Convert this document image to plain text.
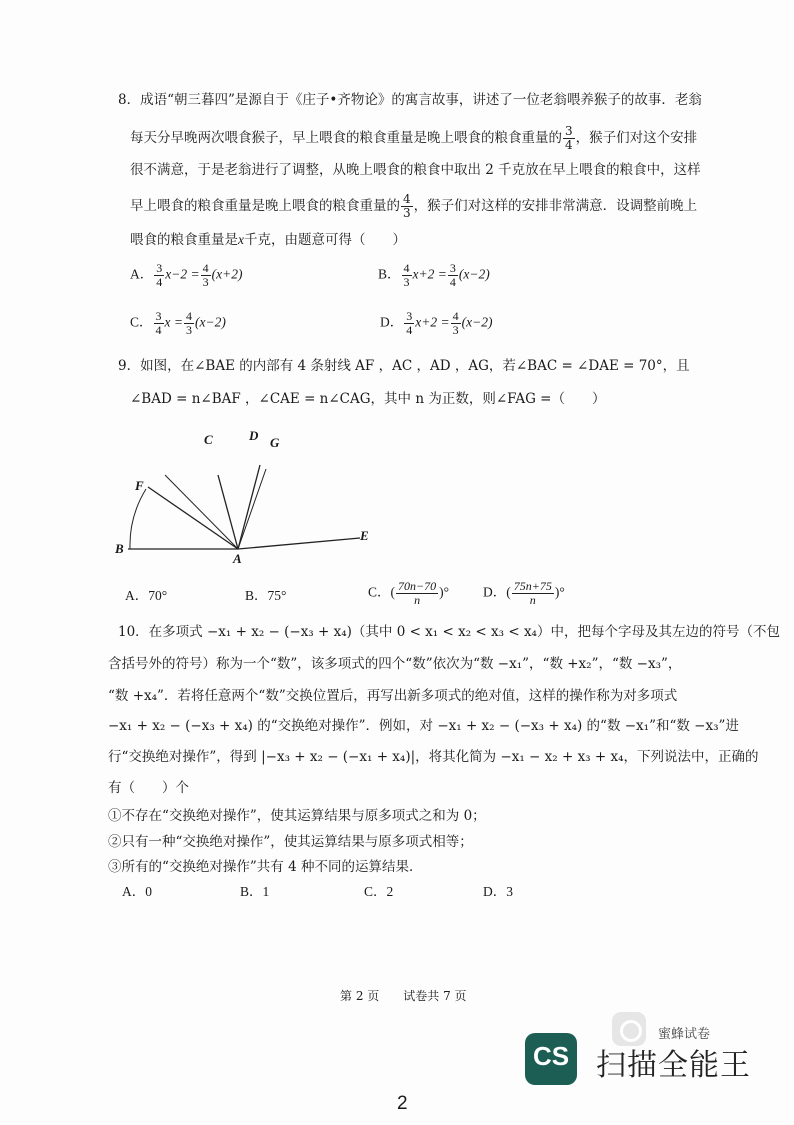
8．成语“朝三暮四”是源自于《庄子•齐物论》的寓言故事，讲述了一位老翁喂养猴子的故事．老翁
每天分早晚两次喂食猴子，早上喂食的粮食重量是晚上喂食的粮食重量的 $\frac{3}{4}$ ，猴子们对这个安排
很不满意，于是老翁进行了调整，从晚上喂食的粮食中取出 2 千克放在早上喂食的粮食中，这样
早上喂食的粮食重量是晚上喂食的粮食重量的 $\frac{4}{3}$ ，猴子们对这样的安排非常满意．设调整前晚上
喂食的粮食重量是x千克，由题意可得（　　）
A． $\frac{3}{4} x-2 = \frac{4}{3} (x+2)$	B． $\frac{4}{3} x+2 = \frac{3}{4} (x-2)$
C． $\frac{3}{4}$ $x = \frac{4}{3} (x-2)$	D． $\frac{3}{4} x+2 = \frac{4}{3} (x-2)$
9．如图，在∠BAE 的内部有 4 条射线 AF ，AC ，AD ，AG，若∠BAC = ∠DAE = 70°，且
∠BAD = n∠BAF ，∠CAE = n∠CAG，其中 n 为正数，则∠FAG =（　　）
C	D G
F
B
A
E
A．70°	B．75°	C．( $\frac{70n-70}{n}$ )°	D．( $\frac{75n+75}{n}$ )°
10．在多项式 −x₁ + x₂ − (−x₃ + x₄)（其中 0 < x₁ < x₂ < x₃ < x₄）中，把每个字母及其左边的符号（不包
含括号外的符号）称为一个“数”，该多项式的四个“数”依次为“数 −x₁”，“数 +x₂”，“数 −x₃”，
“数 +x₄”．若将任意两个“数”交换位置后，再写出新多项式的绝对值，这样的操作称为对多项式
−x₁ + x₂ − (−x₃ + x₄) 的“交换绝对操作”．例如，对 −x₁ + x₂ − (−x₃ + x₄) 的“数 −x₁”和“数 −x₃”进
行“交换绝对操作”，得到 |−x₃ + x₂ − (−x₁ + x₄)|，将其化简为 −x₁ − x₂ + x₃ + x₄，下列说法中，正确的
有（　　）个
①不存在“交换绝对操作”，使其运算结果与原多项式之和为 0；
②只有一种“交换绝对操作”，使其运算结果与原多项式相等；
③所有的“交换绝对操作”共有 4 种不同的运算结果．
A．0	B．1	C．2	D．3
第 2 页　　试卷共 7 页
蜜蜂试卷
CS 扫描全能王
2
